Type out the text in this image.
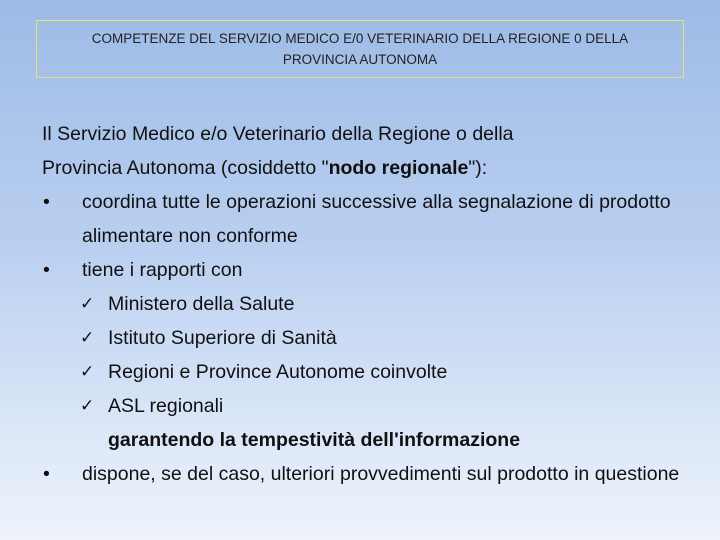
COMPETENZE DEL SERVIZIO MEDICO E/0 VETERINARIO DELLA REGIONE 0 DELLA
PROVINCIA AUTONOMA
Il Servizio Medico e/o Veterinario della Regione o della
Provincia Autonoma (cosiddetto "nodo regionale"):
•	coordina tutte le operazioni successive alla segnalazione di prodotto alimentare non conforme
•	tiene i rapporti con
✓ Ministero della Salute
✓ Istituto Superiore di Sanità
✓ Regioni e Province Autonome coinvolte
✓ ASL regionali
garantendo la tempestività dell'informazione
•	dispone, se del caso, ulteriori provvedimenti sul prodotto in questione
